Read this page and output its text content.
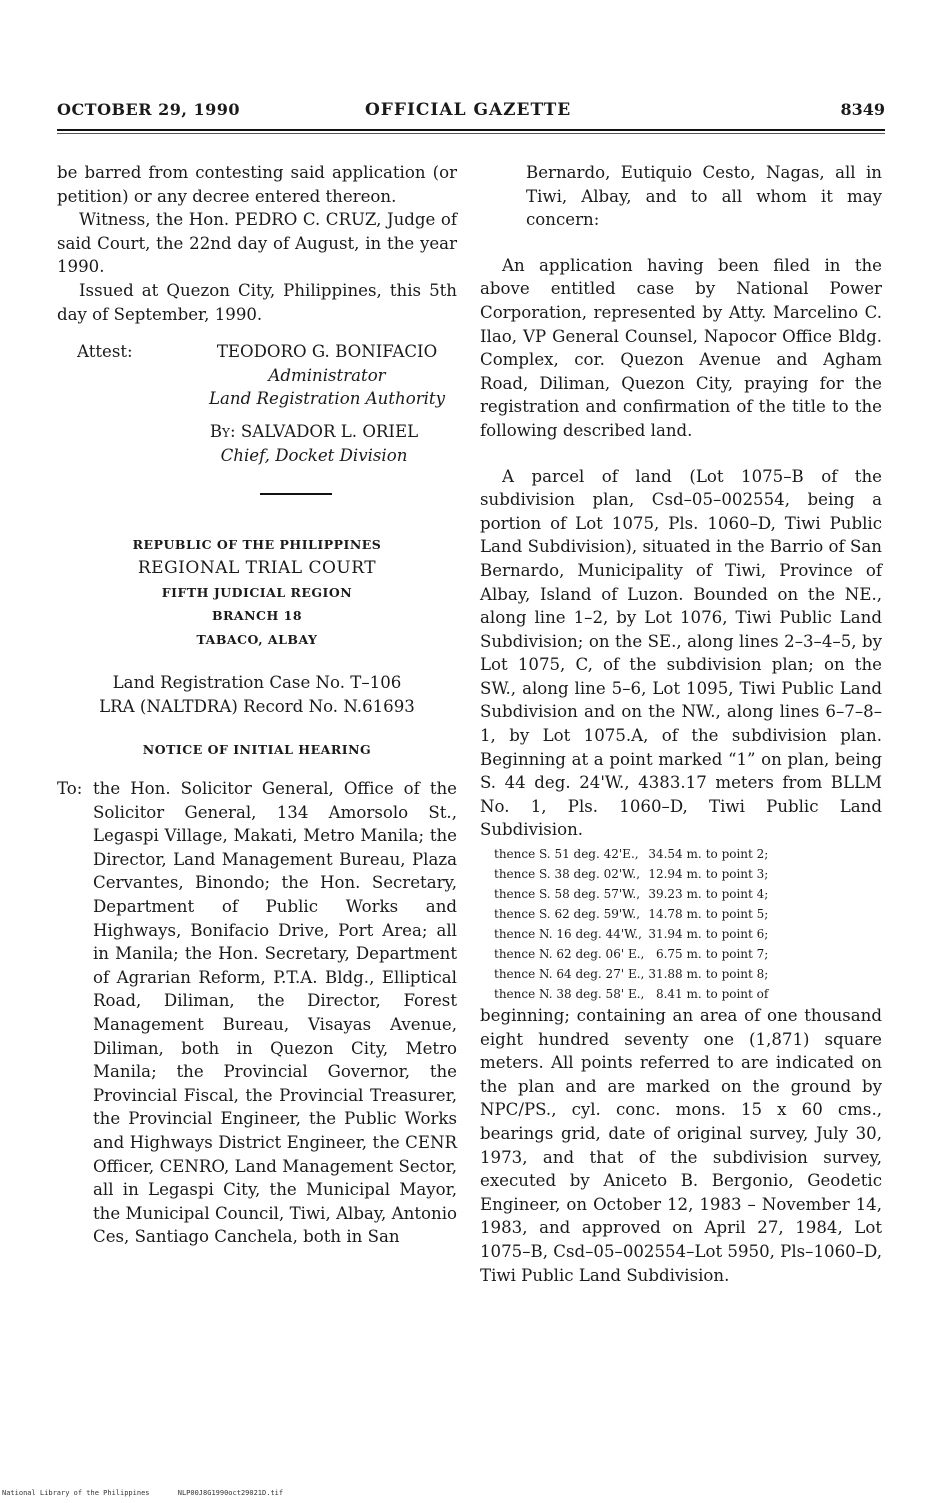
OCTOBER 29, 1990	OFFICIAL GAZETTE	8349

be barred from contesting said application (or petition) or any decree entered thereon.

Witness, the Hon. PEDRO C. CRUZ, Judge of said Court, the 22nd day of August, in the year 1990.

Issued at Quezon City, Philippines, this 5th day of September, 1990.

Attest:	TEODORO G. BONIFACIO
Administrator
Land Registration Authority
By: SALVADOR L. ORIEL
Chief, Docket Division
REPUBLIC OF THE PHILIPPINES
REGIONAL TRIAL COURT
FIFTH JUDICIAL REGION
BRANCH 18
TABACO, ALBAY
Land Registration Case No. T–106
LRA (NALTDRA) Record No. N.61693
NOTICE OF INITIAL HEARING
To: the Hon. Solicitor General, Office of the Solicitor General, 134 Amorsolo St., Legaspi Village, Makati, Metro Manila; the Director, Land Management Bureau, Plaza Cervantes, Binondo; the Hon. Secretary, Department of Public Works and Highways, Bonifacio Drive, Port Area; all in Manila; the Hon. Secretary, Department of Agrarian Reform, P.T.A. Bldg., Elliptical Road, Diliman, the Director, Forest Management Bureau, Visayas Avenue, Diliman, both in Quezon City, Metro Manila; the Provincial Governor, the Provincial Fiscal, the Provincial Treasurer, the Provincial Engineer, the Public Works and Highways District Engineer, the CENR Officer, CENRO, Land Management Sector, all in Legaspi City, the Municipal Mayor, the Municipal Council, Tiwi, Albay, Antonio Ces, Santiago Canchela, both in San

Bernardo, Eutiquio Cesto, Nagas, all in Tiwi, Albay, and to all whom it may concern:

An application having been filed in the above entitled case by National Power Corporation, represented by Atty. Marcelino C. Ilao, VP General Counsel, Napocor Office Bldg. Complex, cor. Quezon Avenue and Agham Road, Diliman, Quezon City, praying for the registration and confirmation of the title to the following described land.

A parcel of land (Lot 1075–B of the subdivision plan, Csd–05–002554, being a portion of Lot 1075, Pls. 1060–D, Tiwi Public Land Subdivision), situated in the Barrio of San Bernardo, Municipality of Tiwi, Province of Albay, Island of Luzon. Bounded on the NE., along line 1–2, by Lot 1076, Tiwi Public Land Subdivision; on the SE., along lines 2–3–4–5, by Lot 1075, C, of the subdivision plan; on the SW., along line 5–6, Lot 1095, Tiwi Public Land Subdivision and on the NW., along lines 6–7–8–1, by Lot 1075.A, of the subdivision plan. Beginning at a point marked “1” on plan, being S. 44 deg. 24'W., 4383.17 meters from BLLM No. 1, Pls. 1060–D, Tiwi Public Land Subdivision.

thence S. 51 deg. 42'E.,	34.54 m.	to point 2;
thence S. 38 deg. 02'W.,	12.94 m.	to point 3;
thence S. 58 deg. 57'W.,	39.23 m.	to point 4;
thence S. 62 deg. 59'W.,	14.78 m.	to point 5;
thence N. 16 deg. 44'W.,	31.94 m.	to point 6;
thence N. 62 deg. 06' E.,	6.75 m.	to point 7;
thence N. 64 deg. 27' E.,	31.88 m.	to point 8;
thence N. 38 deg. 58' E.,	8.41 m.	to point of

beginning; containing an area of one thousand eight hundred seventy one (1,871) square meters. All points referred to are indicated on the plan and are marked on the ground by NPC/PS., cyl. conc. mons. 15 x 60 cms., bearings grid, date of original survey, July 30, 1973, and that of the subdivision survey, executed by Aniceto B. Bergonio, Geodetic Engineer, on October 12, 1983 – November 14, 1983, and approved on April 27, 1984, Lot 1075–B, Csd–05–002554–Lot 5950, Pls–1060–D, Tiwi Public Land Subdivision.

National Library of the Philippines	NLP00J8G1990oct29021D.tif
